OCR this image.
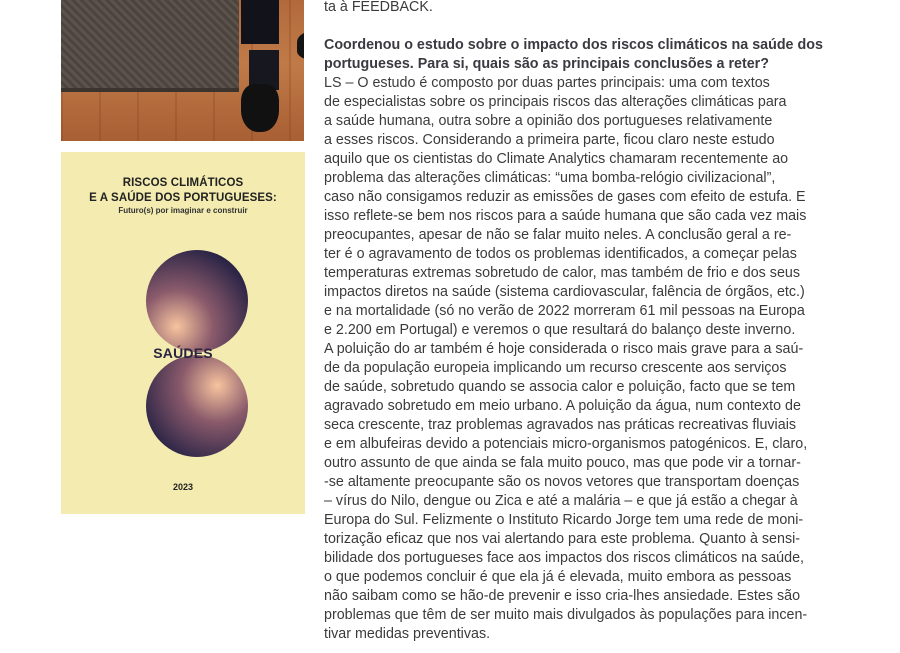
RISCOS CLIMÁTICOS
E A SAÚDE DOS PORTUGUESES:
Futuro(s) por imaginar e construir
SAÚDES
2023

ta à FEEDBACK.

Coordenou o estudo sobre o impacto dos riscos climáticos na saúde dos

portugueses. Para si, quais são as principais conclusões a reter?

LS – O estudo é composto por duas partes principais: uma com textos

de especialistas sobre os principais riscos das alterações climáticas para

a saúde humana, outra sobre a opinião dos portugueses relativamente

a esses riscos. Considerando a primeira parte, ficou claro neste estudo

aquilo que os cientistas do Climate Analytics chamaram recentemente ao

problema das alterações climáticas: “uma bomba-relógio civilizacional”,

caso não consigamos reduzir as emissões de gases com efeito de estufa. E

isso reflete-se bem nos riscos para a saúde humana que são cada vez mais

preocupantes, apesar de não se falar muito neles. A conclusão geral a re-

ter é o agravamento de todos os problemas identificados, a começar pelas

temperaturas extremas sobretudo de calor, mas também de frio e dos seus

impactos diretos na saúde (sistema cardiovascular, falência de órgãos, etc.)

e na mortalidade (só no verão de 2022 morreram 61 mil pessoas na Europa

e 2.200 em Portugal) e veremos o que resultará do balanço deste inverno.

A poluição do ar também é hoje considerada o risco mais grave para a saú-

de da população europeia implicando um recurso crescente aos serviços

de saúde, sobretudo quando se associa calor e poluição, facto que se tem

agravado sobretudo em meio urbano. A poluição da água, num contexto de

seca crescente, traz problemas agravados nas práticas recreativas fluviais

e em albufeiras devido a potenciais micro-organismos patogénicos. E, claro,

outro assunto de que ainda se fala muito pouco, mas que pode vir a tornar-

-se altamente preocupante são os novos vetores que transportam doenças

– vírus do Nilo, dengue ou Zica e até a malária – e que já estão a chegar à

Europa do Sul. Felizmente o Instituto Ricardo Jorge tem uma rede de moni-

torização eficaz que nos vai alertando para este problema. Quanto à sensi-

bilidade dos portugueses face aos impactos dos riscos climáticos na saúde,

o que podemos concluir é que ela já é elevada, muito embora as pessoas

não saibam como se hão-de prevenir e isso cria-lhes ansiedade. Estes são

problemas que têm de ser muito mais divulgados às populações para incen-

tivar medidas preventivas.
